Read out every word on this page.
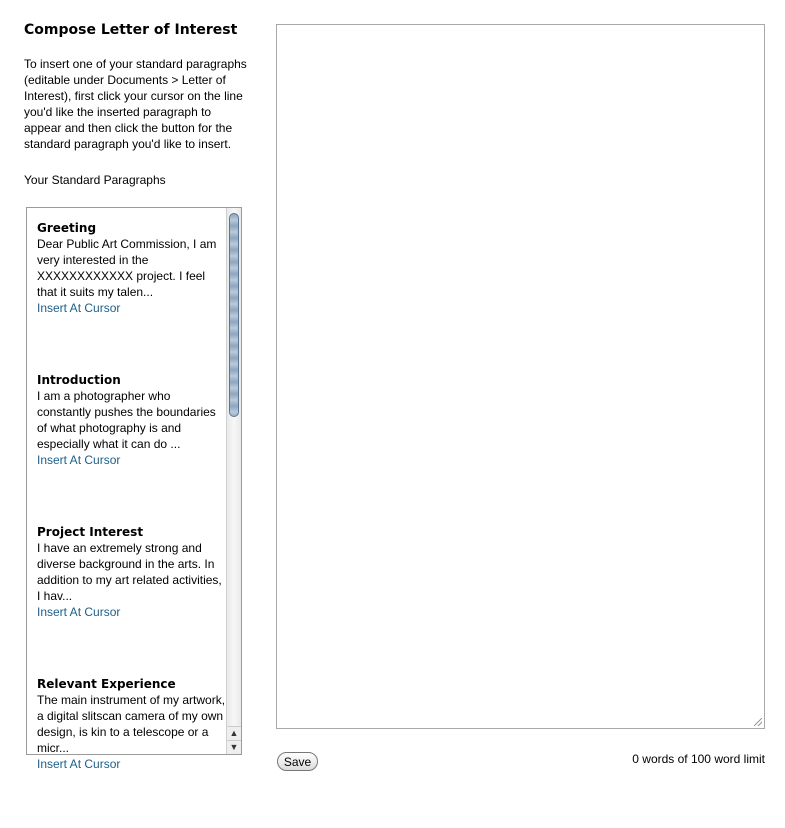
Compose Letter of Interest
To insert one of your standard paragraphs (editable under Documents > Letter of Interest), first click your cursor on the line you'd like the inserted paragraph to appear and then click the button for the standard paragraph you'd like to insert.
Your Standard Paragraphs
Greeting
Dear Public Art Commission, I am very interested in the XXXXXXXXXXXX project. I feel that it suits my talen...
Insert At Cursor
Introduction
I am a photographer who constantly pushes the boundaries of what photography is and especially what it can do ...
Insert At Cursor
Project Interest
I have an extremely strong and diverse background in the arts. In addition to my art related activities, I hav...
Insert At Cursor
Relevant Experience
The main instrument of my artwork, a digital slitscan camera of my own design, is kin to a telescope or a micr...
Insert At Cursor
▲
▼
Save	0 words of 100 word limit
